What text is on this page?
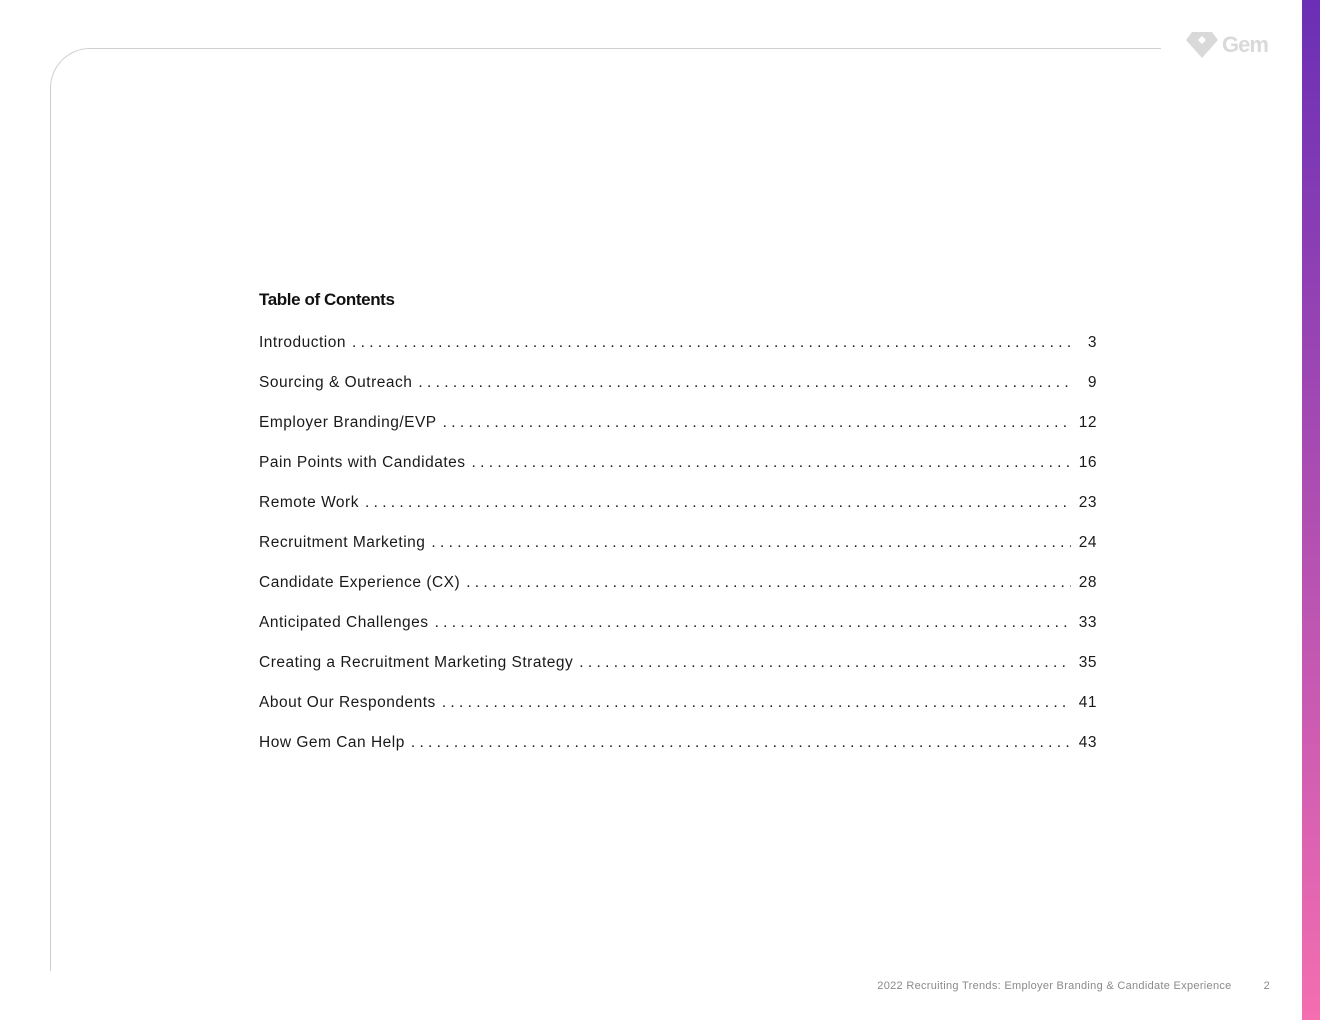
Gem
Table of Contents
Introduction . . .	3
Sourcing & Outreach . . .	9
Employer Branding/EVP . . .	12
Pain Points with Candidates . . .	16
Remote Work . . .	23
Recruitment Marketing . . .	24
Candidate Experience (CX) . . .	28
Anticipated Challenges . . .	33
Creating a Recruitment Marketing Strategy . . .	35
About Our Respondents . . .	41
How Gem Can Help . . .	43
2022 Recruiting Trends: Employer Branding & Candidate Experience	2
